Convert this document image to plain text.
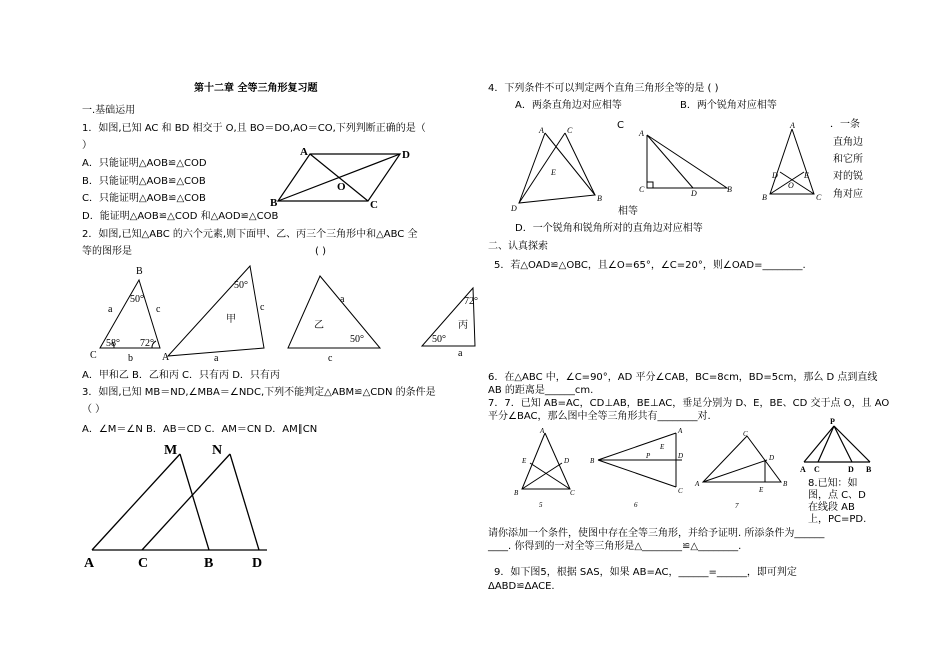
第十二章 全等三角形复习题
一.基础运用
1．如图,已知 AC 和 BD 相交于 O,且 BO＝DO,AO＝CO,下列判断正确的是（
）
A．只能证明△AOB≌△COD
B．只能证明△AOB≌△COB
C．只能证明△AOB≌△COB
D．能证明△AOB≌△COD 和△AOD≌△COB
A	D
O
B	C
2．如图,已知△ABC 的六个元素,则下面甲、乙、丙三个三角形中和△ABC 全
等的图形是	( )
B
a	c
50°
58° 72°
C	A
b
50°
c
甲
a
a
乙
50°
c
72°
丙
50°
a
A．甲和乙 B．乙和丙 C．只有丙 D．只有丙
3．如图,已知 MB＝ND,∠MBA＝∠NDC,下列不能判定△ABM≌△CDN 的条件是
（ ）
A．∠M＝∠N B．AB＝CD C．AM＝CN D．AM∥CN
M N
A	C	B	D
4．下列条件不可以判定两个直角三角形全等的是 ( )
A．两条直角边对应相等	B．两个锐角对应相等
C	．一条
直角边
和它所
对的锐
角对应
A	C
E
D
B
A
C	D	B
A
D	E
O
B	C
相等
D．一个锐角和锐角所对的直角边对应相等
二、认真探索
5．若△OAD≌△OBC，且∠O=65°，∠C=20°，则∠OAD=________.
6．在△ABC 中，∠C=90°，AD 平分∠CAB，BC=8cm，BD=5cm，那么 D 点到直线
AB 的距离是______cm.
7．7．已知 AB=AC，CD⊥AB，BE⊥AC，垂足分别为 D、E，BE、CD 交于点 O，且 AO
平分∠BAC，那么图中全等三角形共有________对.
A
E	D
B	C
5
A
B
P	D
E
C
6
C
D
A
E
B
7
P
A C	D B
8.已知：如
图，点 C、D
在线段 AB
上，PC=PD.
请你添加一个条件，使图中存在全等三角形，并给予证明. 所添条件为______
____. 你得到的一对全等三角形是△________≌△________.
9．如下图5，根据 SAS，如果 AB=AC，______=______，即可判定
ΔABD≌ΔACE.
